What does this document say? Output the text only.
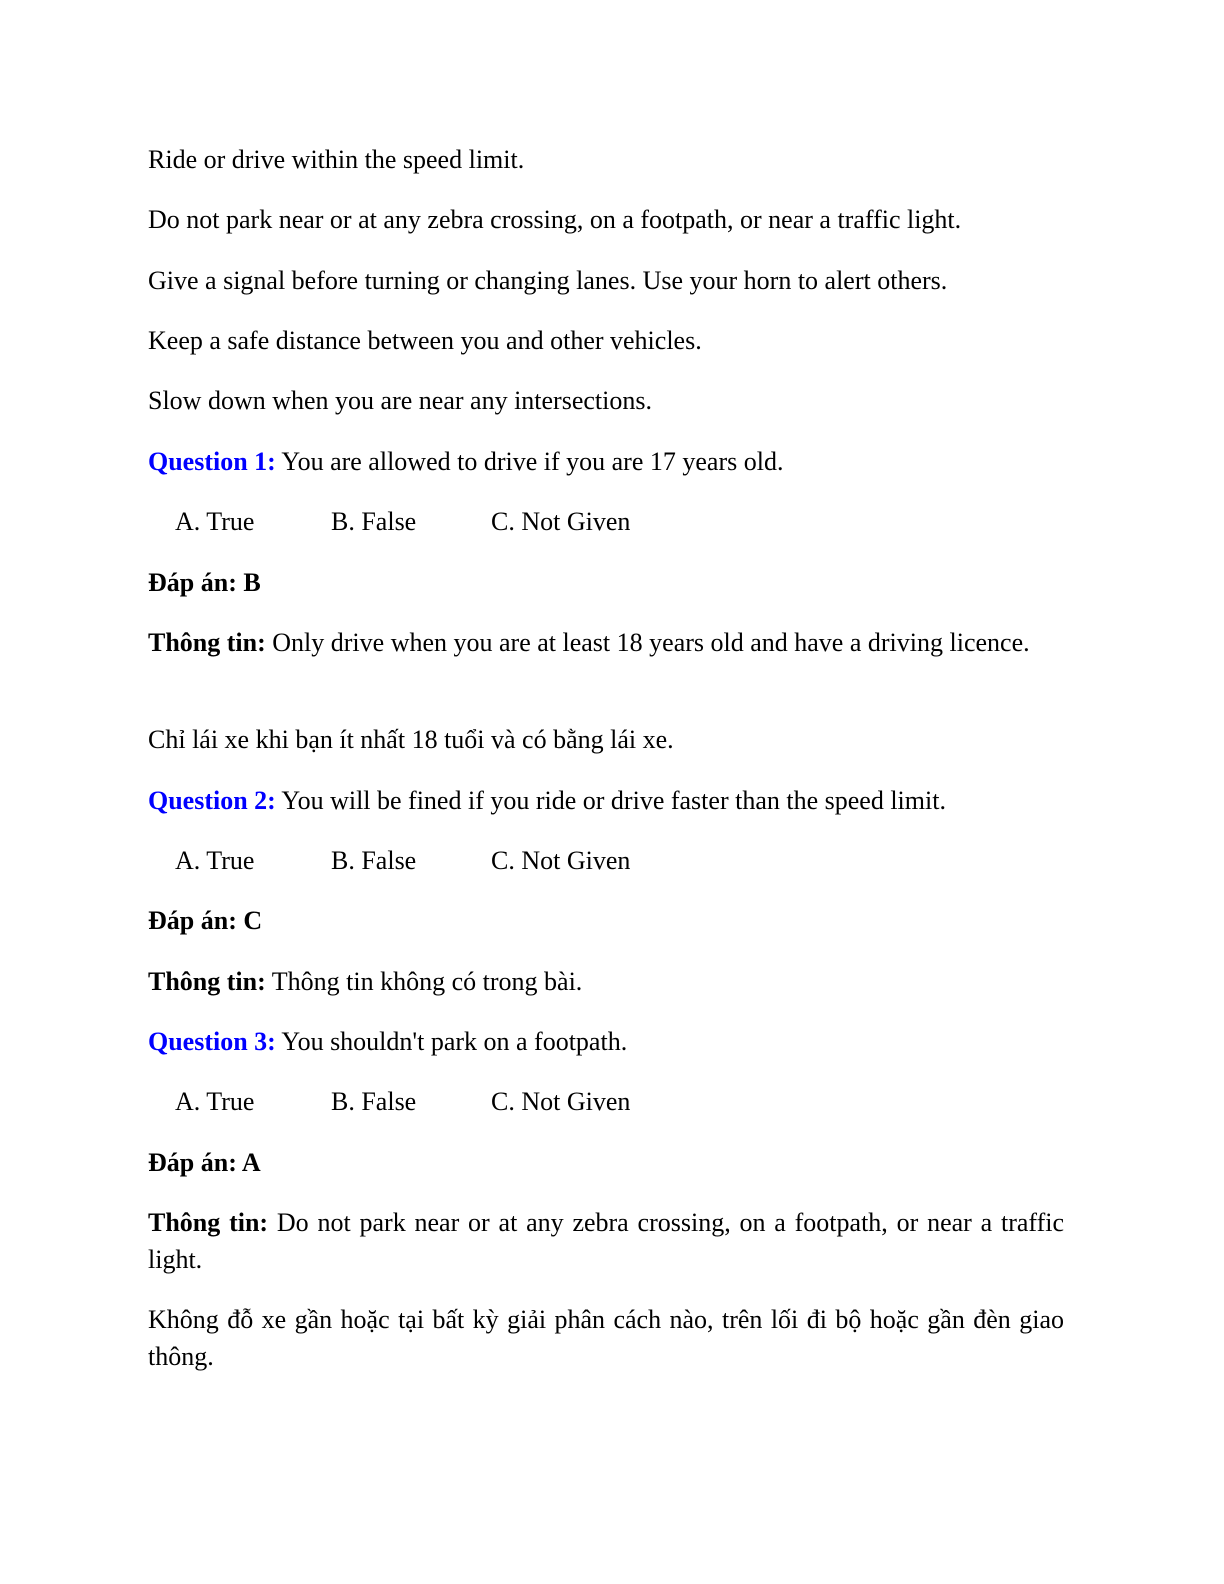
Ride or drive within the speed limit.

Do not park near or at any zebra crossing, on a footpath, or near a traffic light.

Give a signal before turning or changing lanes. Use your horn to alert others.

Keep a safe distance between you and other vehicles.

Slow down when you are near any intersections.

Question 1: You are allowed to drive if you are 17 years old.

A. True	B. False	C. Not Given

Đáp án: B

Thông tin: Only drive when you are at least 18 years old and have a driving licence.

Chỉ lái xe khi bạn ít nhất 18 tuổi và có bằng lái xe.

Question 2: You will be fined if you ride or drive faster than the speed limit.

A. True	B. False	C. Not Given

Đáp án: C

Thông tin: Thông tin không có trong bài.

Question 3: You shouldn't park on a footpath.

A. True	B. False	C. Not Given

Đáp án: A

Thông tin: Do not park near or at any zebra crossing, on a footpath, or near a traffic light.

Không đỗ xe gần hoặc tại bất kỳ giải phân cách nào, trên lối đi bộ hoặc gần đèn giao thông.
